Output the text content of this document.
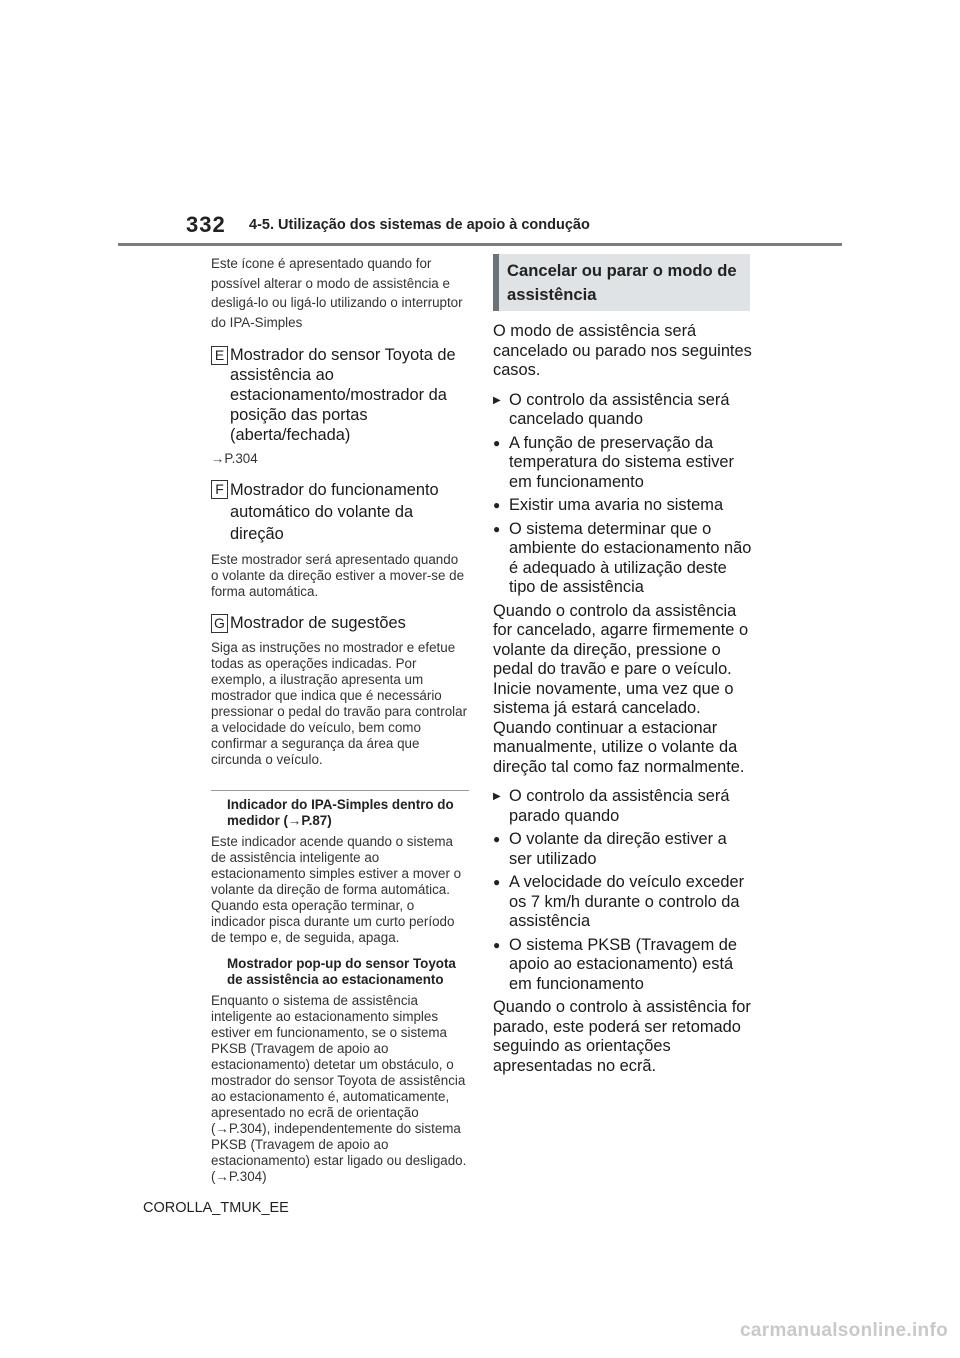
332 4-5. Utilização dos sistemas de apoio à condução
Este ícone é apresentado quando for possível alterar o modo de assistência e desligá-lo ou ligá-lo utilizando o interruptor do IPA-Simples
E Mostrador do sensor Toyota de assistência ao estacionamento/mostrador da posição das portas (aberta/fechada)
→P.304
F Mostrador do funcionamento automático do volante da direção
Este mostrador será apresentado quando o volante da direção estiver a mover-se de forma automática.
G Mostrador de sugestões
Siga as instruções no mostrador e efetue todas as operações indicadas. Por exemplo, a ilustração apresenta um mostrador que indica que é necessário pressionar o pedal do travão para controlar a velocidade do veículo, bem como confirmar a segurança da área que circunda o veículo.
Indicador do IPA-Simples dentro do medidor (→P.87)
Este indicador acende quando o sistema de assistência inteligente ao estacionamento simples estiver a mover o volante da direção de forma automática. Quando esta operação terminar, o indicador pisca durante um curto período de tempo e, de seguida, apaga.
Mostrador pop-up do sensor Toyota de assistência ao estacionamento
Enquanto o sistema de assistência inteligente ao estacionamento simples estiver em funcionamento, se o sistema PKSB (Travagem de apoio ao estacionamento) detetar um obstáculo, o mostrador do sensor Toyota de assistência ao estacionamento é, automaticamente, apresentado no ecrã de orientação (→P.304), independentemente do sistema PKSB (Travagem de apoio ao estacionamento) estar ligado ou desligado. (→P.304)
Cancelar ou parar o modo de assistência
O modo de assistência será cancelado ou parado nos seguintes casos.
▶ O controlo da assistência será cancelado quando
● A função de preservação da temperatura do sistema estiver em funcionamento
● Existir uma avaria no sistema
● O sistema determinar que o ambiente do estacionamento não é adequado à utilização deste tipo de assistência
Quando o controlo da assistência for cancelado, agarre firmemente o volante da direção, pressione o pedal do travão e pare o veículo. Inicie novamente, uma vez que o sistema já estará cancelado. Quando continuar a estacionar manualmente, utilize o volante da direção tal como faz normalmente.
▶ O controlo da assistência será parado quando
● O volante da direção estiver a ser utilizado
● A velocidade do veículo exceder os 7 km/h durante o controlo da assistência
● O sistema PKSB (Travagem de apoio ao estacionamento) está em funcionamento
Quando o controlo à assistência for parado, este poderá ser retomado seguindo as orientações apresentadas no ecrã.
COROLLA_TMUK_EE
carmanualsonline.info
